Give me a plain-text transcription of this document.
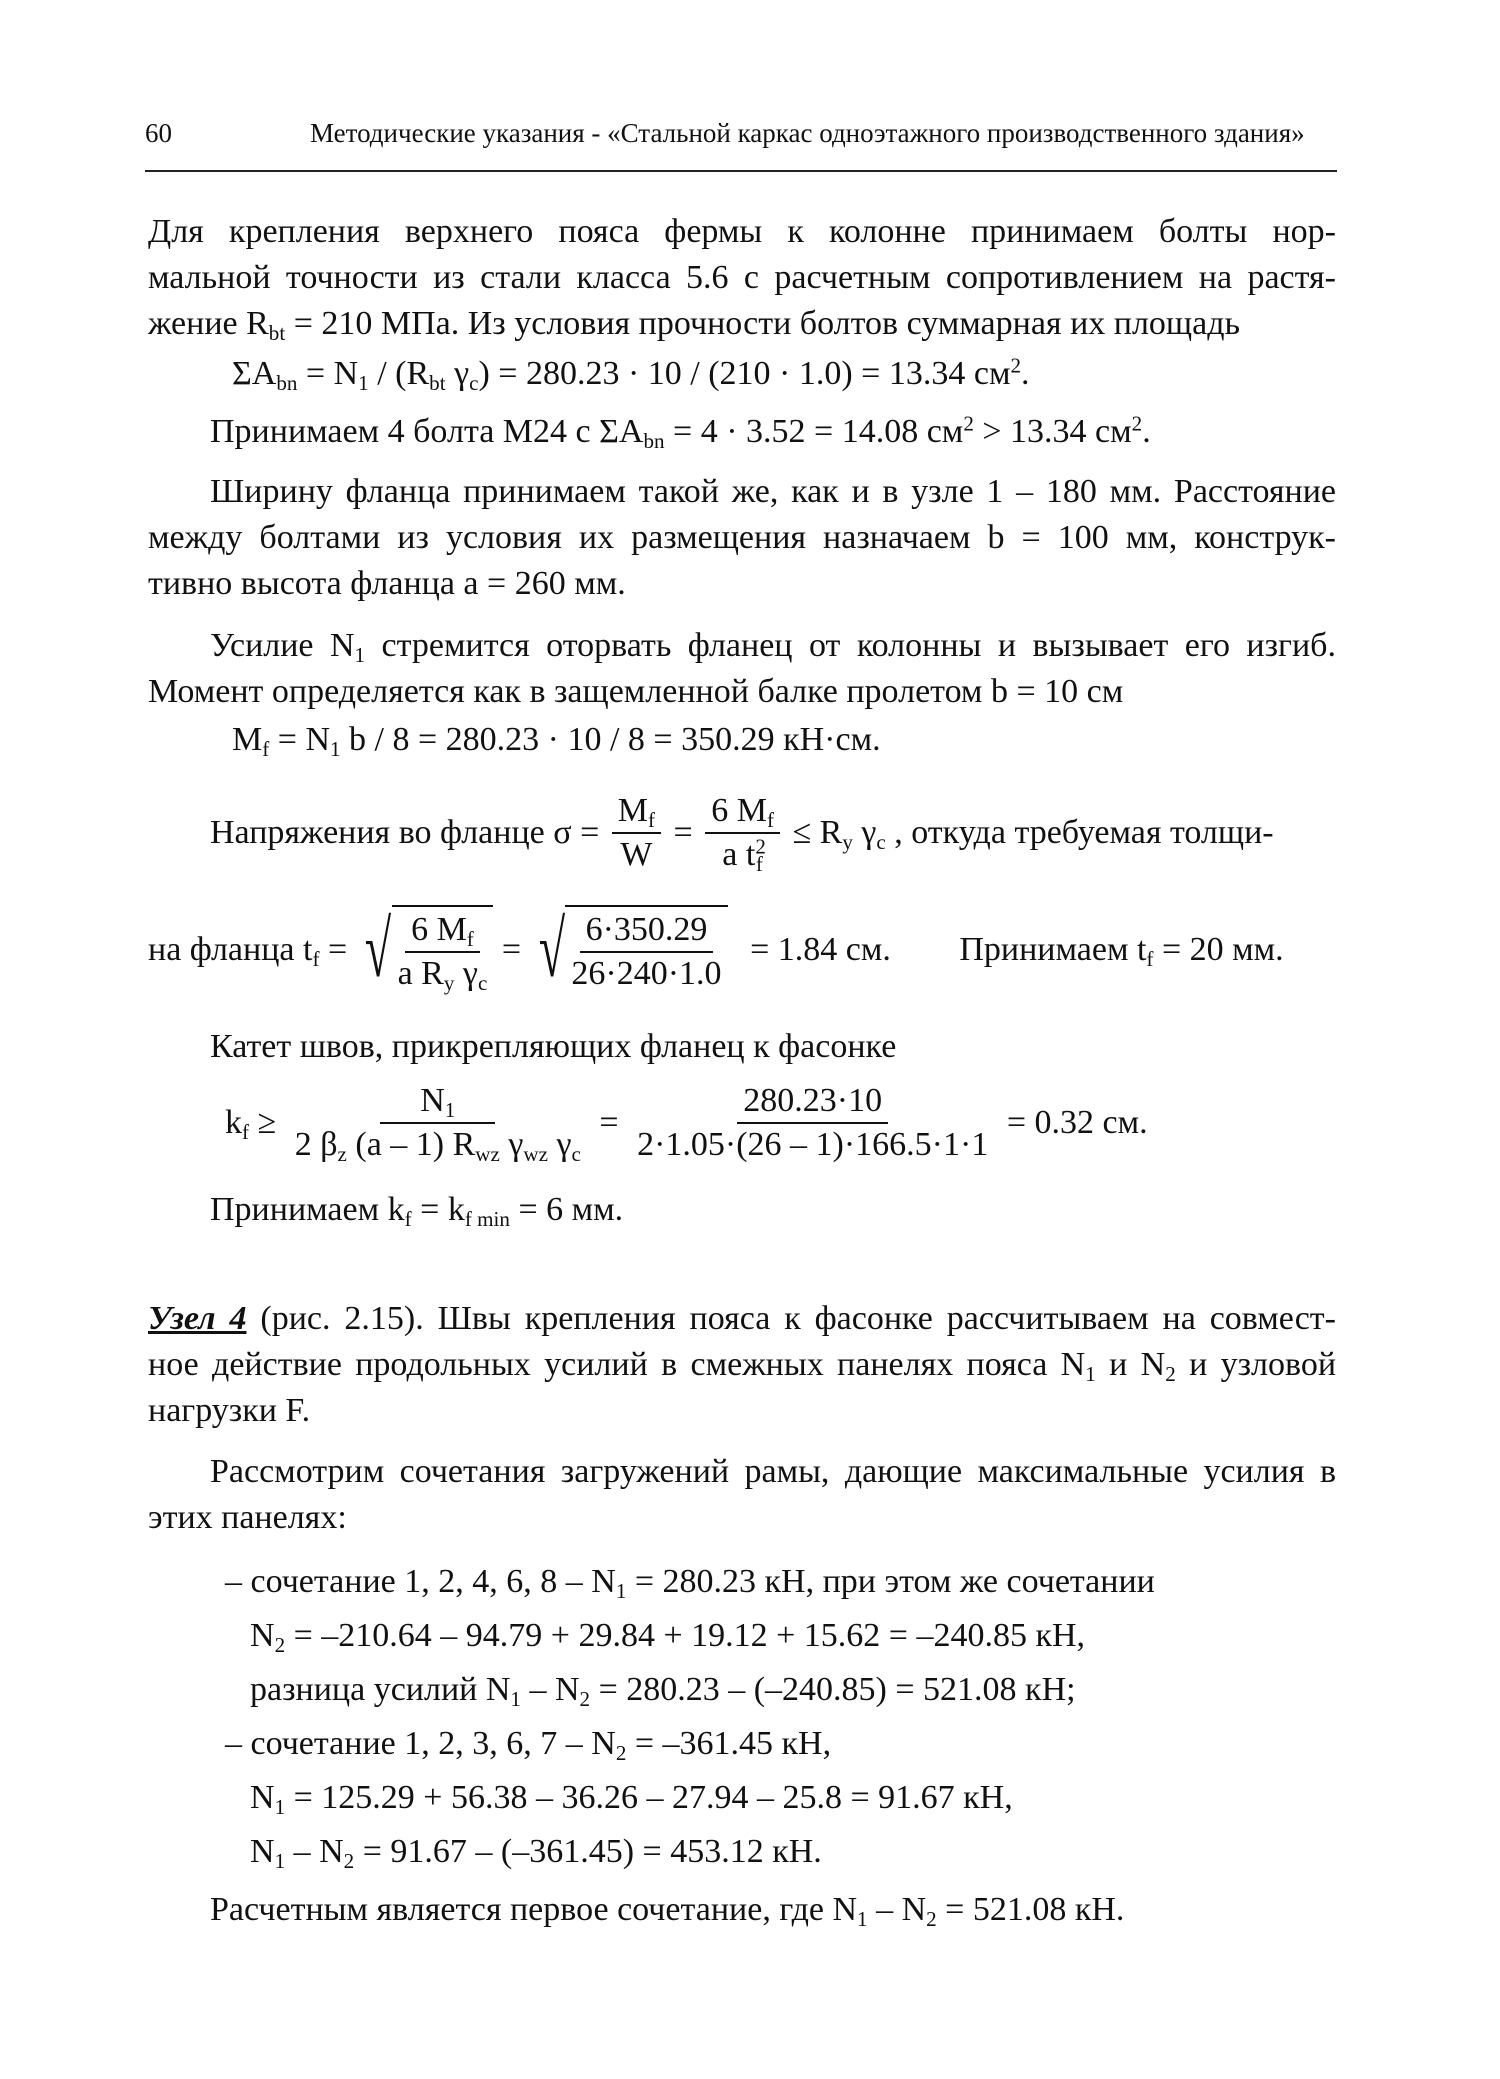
60	Методические указания - «Стальной каркас одноэтажного производственного здания»
Для крепления верхнего пояса фермы к колонне принимаем болты нор-
мальной точности из стали класса 5.6 с расчетным сопротивлением на растя-
жение $R_{bt} = 210$ МПа. Из условия прочности болтов суммарная их площадь
$\Sigma A_{bn} = N_1 / (R_{bt}$ $\gamma_c) = 280.23 \cdot 10 / (210 \cdot 1.0) = 13.34$ $см^2$.
Принимаем 4 болта М24 с $\Sigma A_{bn} = 4 \cdot 3.52 = 14.08$ $см^2 > 13.34$ $см^2$.
Ширину фланца принимаем такой же, как и в узле 1 – 180 мм. Расстояние
между болтами из условия их размещения назначаем b = 100 мм, конструк-
тивно высота фланца a = 260 мм.
Усилие $N_1$ стремится оторвать фланец от колонны и вызывает его изгиб.
Момент определяется как в защемленной балке пролетом b = 10 см
$M_f = N_1$ b / 8 = 280.23 · 10 / 8 = 350.29 кН·см.
Напряжения во фланце $\sigma = \frac{M_f}{W} = \frac{6 M_f}{a t^2_f} \le R_y$ $\gamma_c$ , откуда требуемая толщи-
на фланца $t_f$ = √ $\frac{6 M_f}{a R_y \gamma_c}$ = √ $\frac{6\cdot 350.29}{26\cdot 240\cdot 1.0} = 1.84$ см. Принимаем $t_f = 20$ мм.
Катет швов, прикрепляющих фланец к фасонке
$k_f \ge \frac{N_1}{2 \beta_z (a - 1) R_{wz} \gamma_{wz} \gamma_c} = \frac{280.23\cdot 10}{2\cdot 1.05\cdot(26 - 1)\cdot 166.5\cdot 1\cdot 1} = 0.32$ см.
Принимаем $k_f = k_{f min} = 6$ мм.
Узел 4 (рис. 2.15). Швы крепления пояса к фасонке рассчитываем на совмест-
ное действие продольных усилий в смежных панелях пояса $N_1$ и $N_2$ и узловой
нагрузки F.
Рассмотрим сочетания загружений рамы, дающие максимальные усилия в
этих панелях:
– сочетание 1, 2, 4, 6, $8 - N_1 = 280.23$ кН, при этом же сочетании
$N_2 = -210.64 - 94.79 + 29.84 + 19.12 + 15.62 = -240.85$ кН,
разница усилий $N_1 - N_2 = 280.23 - (-240.85) = 521.08$ кН;
– сочетание 1, 2, 3, 6, $7 - N_2 = -361.45$ кН,
$N_1 = 125.29 + 56.38 - 36.26 - 27.94 - 25.8 = 91.67$ кН,
$N_1 - N_2 = 91.67 - (-361.45) = 453.12$ кН.
Расчетным является первое сочетание, где $N_1 - N_2 = 521.08$ кН.
